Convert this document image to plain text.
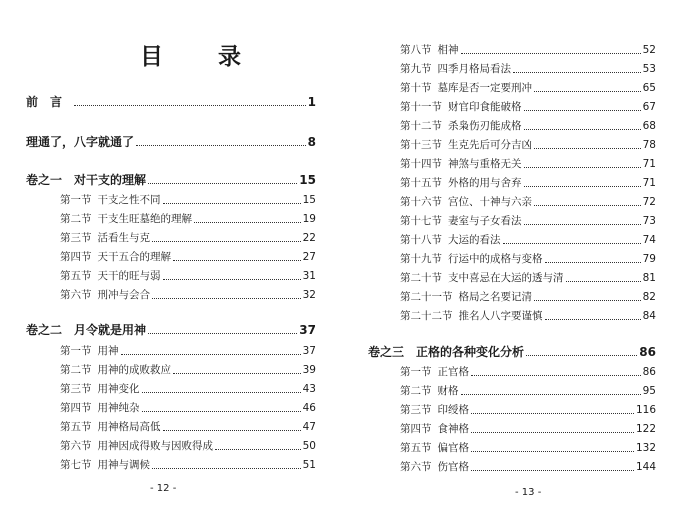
目　录
前　言	1
理通了，八字就通了	8
卷之一 对干支的理解	15
第一节 干支之性不同	15
第二节 干支生旺墓绝的理解	19
第三节 活看生与克	22
第四节 天干五合的理解	27
第五节 天干的旺与弱	31
第六节 刑冲与会合	32
卷之二 月令就是用神	37
第一节 用神	37
第二节 用神的成败救应	39
第三节 用神变化	43
第四节 用神纯杂	46
第五节 用神格局高低	47
第六节 用神因成得败与因败得成	50
第七节 用神与调候	51
- 12 -
第八节 相神	52
第九节 四季月格局看法	53
第十节 墓库是否一定要刑冲	65
第十一节 财官印食能破格	67
第十二节 杀枭伤刃能成格	68
第十三节 生克先后可分吉凶	78
第十四节 神煞与重格无关	71
第十五节 外格的用与舍弃	71
第十六节 宫位、十神与六亲	72
第十七节 妻室与子女看法	73
第十八节 大运的看法	74
第十九节 行运中的成格与变格	79
第二十节 支中喜忌在大运的透与清	81
第二十一节 格局之名要记清	82
第二十二节 推名人八字要谨慎	84
卷之三 正格的各种变化分析	86
第一节 正官格	86
第二节 财格	95
第三节 印绶格	116
第四节 食神格	122
第五节 偏官格	132
第六节 伤官格	144
- 13 -
